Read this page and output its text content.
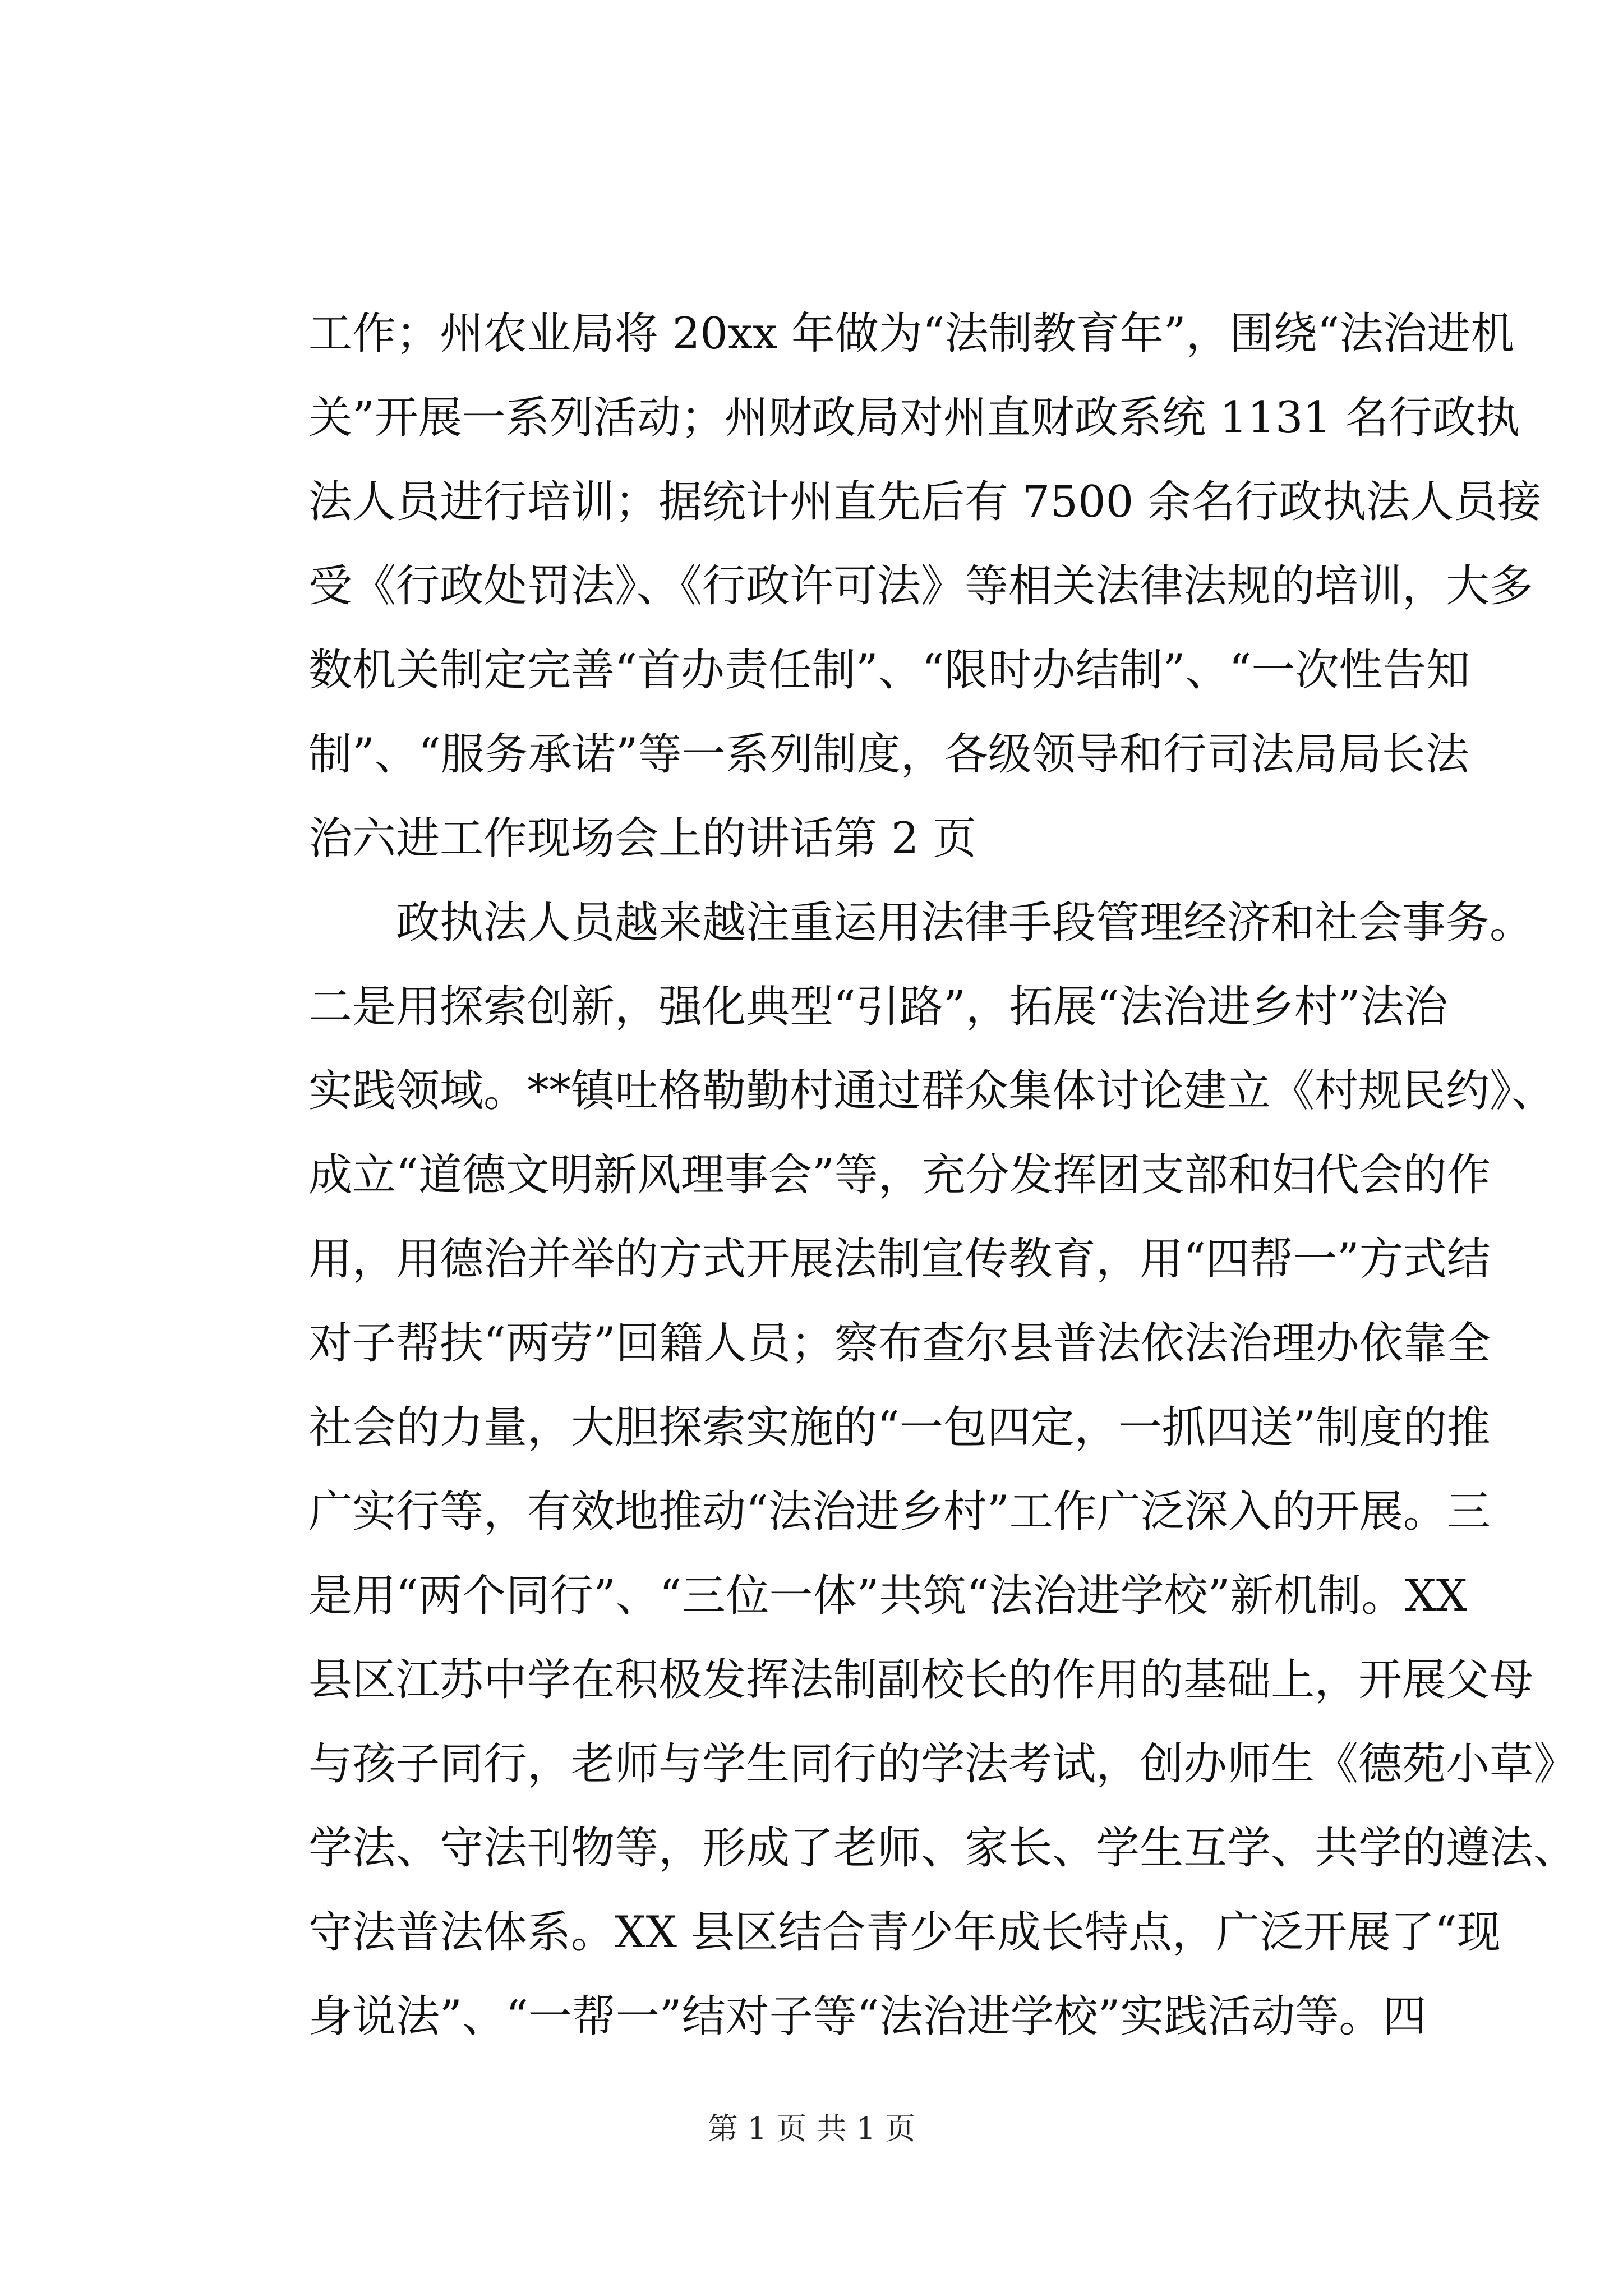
工作；州农业局将 20xx 年做为“法制教育年”，围绕“法治进机
关”开展一系列活动；州财政局对州直财政系统 1131 名行政执
法人员进行培训；据统计州直先后有 7500 余名行政执法人员接
受《行政处罚法》、《行政许可法》等相关法律法规的培训，大多
数机关制定完善“首办责任制”、“限时办结制”、“一次性告知
制”、“服务承诺”等一系列制度，各级领导和行司法局局长法
治六进工作现场会上的讲话第 2 页
　　政执法人员越来越注重运用法律手段管理经济和社会事务。
二是用探索创新，强化典型“引路”，拓展“法治进乡村”法治
实践领域。**镇吐格勒勤村通过群众集体讨论建立《村规民约》、
成立“道德文明新风理事会”等，充分发挥团支部和妇代会的作
用，用德治并举的方式开展法制宣传教育，用“四帮一”方式结
对子帮扶“两劳”回籍人员；察布查尔县普法依法治理办依靠全
社会的力量，大胆探索实施的“一包四定，一抓四送”制度的推
广实行等，有效地推动“法治进乡村”工作广泛深入的开展。三
是用“两个同行”、“三位一体”共筑“法治进学校”新机制。XX
县区江苏中学在积极发挥法制副校长的作用的基础上，开展父母
与孩子同行，老师与学生同行的学法考试，创办师生《德苑小草》
学法、守法刊物等，形成了老师、家长、学生互学、共学的遵法、
守法普法体系。XX 县区结合青少年成长特点，广泛开展了“现
身说法”、“一帮一”结对子等“法治进学校”实践活动等。四
第 1 页 共 1 页
